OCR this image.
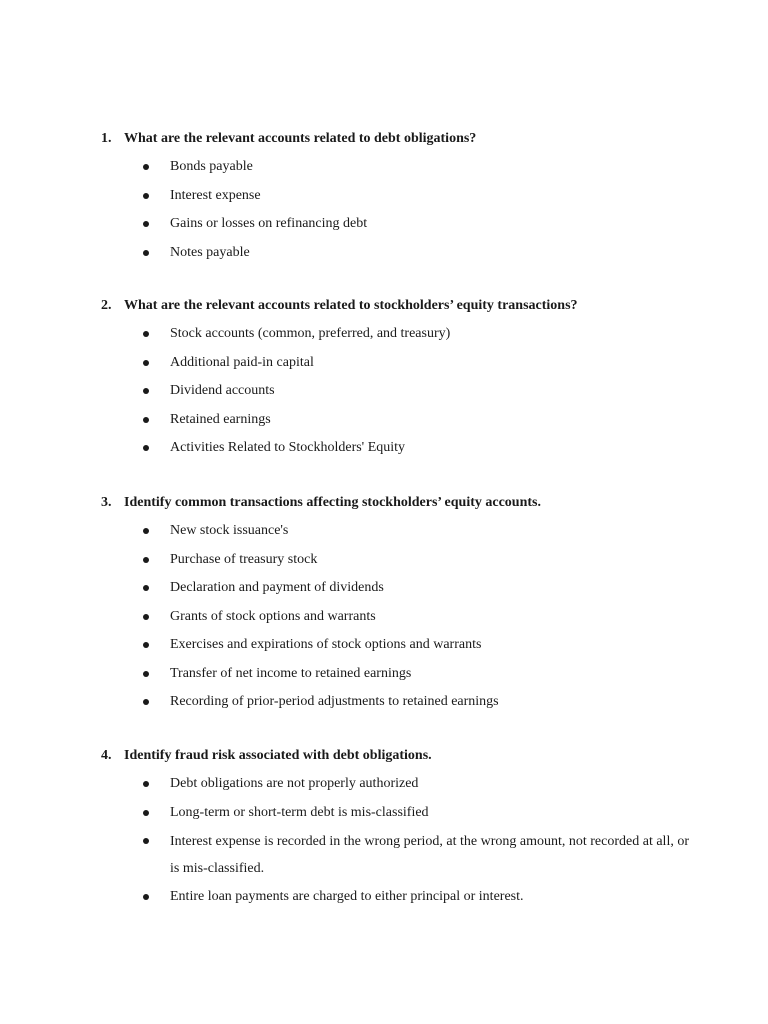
1. What are the relevant accounts related to debt obligations?
Bonds payable
Interest expense
Gains or losses on refinancing debt
Notes payable
2. What are the relevant accounts related to stockholders’ equity transactions?
Stock accounts (common, preferred, and treasury)
Additional paid-in capital
Dividend accounts
Retained earnings
Activities Related to Stockholders' Equity
3. Identify common transactions affecting stockholders’ equity accounts.
New stock issuance's
Purchase of treasury stock
Declaration and payment of dividends
Grants of stock options and warrants
Exercises and expirations of stock options and warrants
Transfer of net income to retained earnings
Recording of prior-period adjustments to retained earnings
4. Identify fraud risk associated with debt obligations.
Debt obligations are not properly authorized
Long-term or short-term debt is mis-classified
Interest expense is recorded in the wrong period, at the wrong amount, not recorded at all, or is mis-classified.
Entire loan payments are charged to either principal or interest.
